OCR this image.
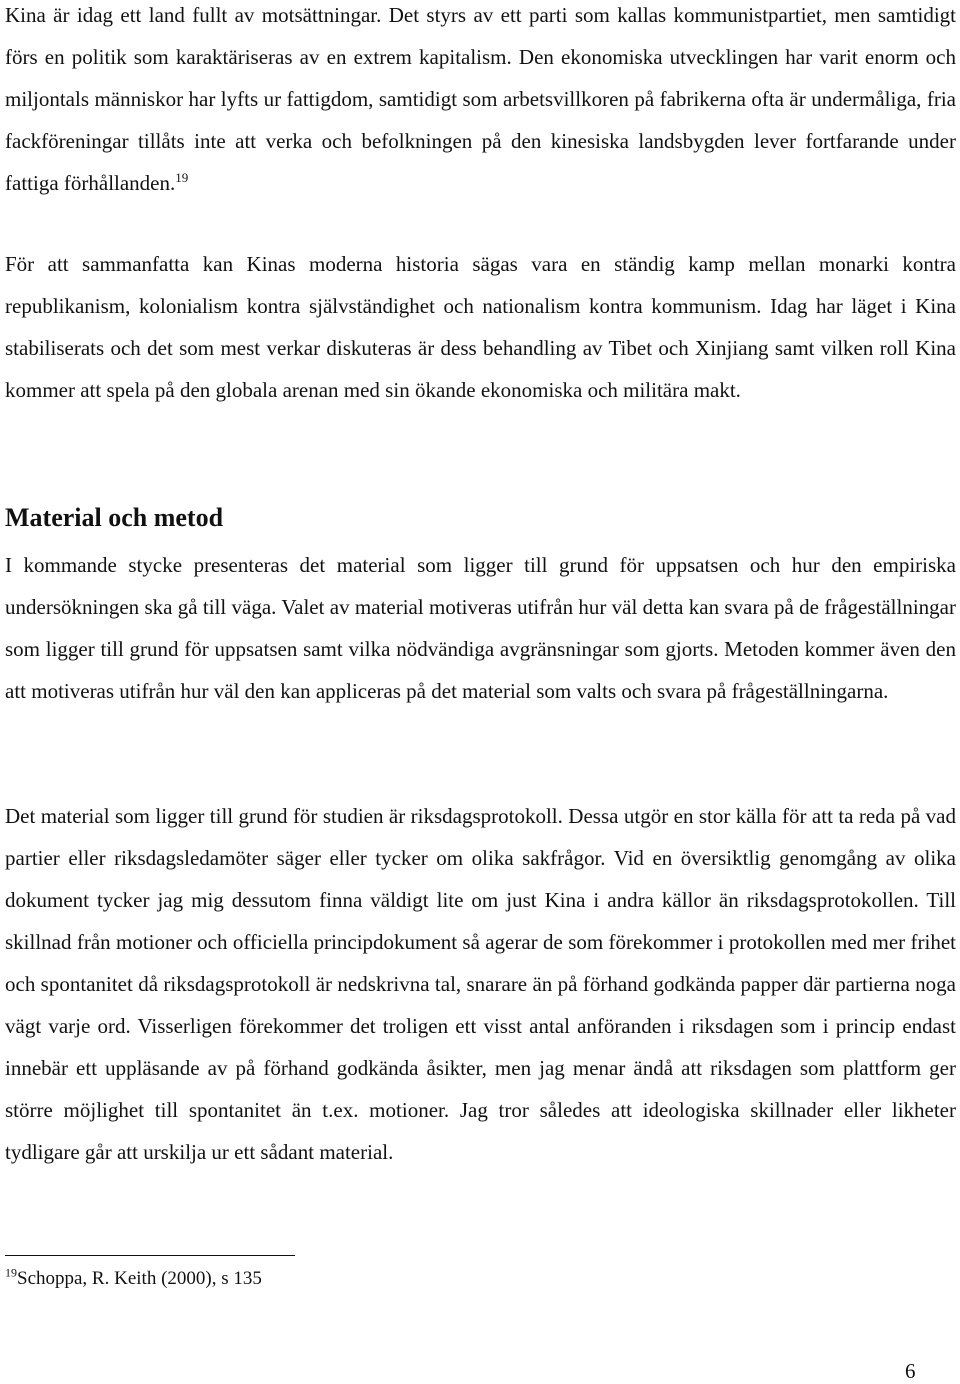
Kina är idag ett land fullt av motsättningar. Det styrs av ett parti som kallas kommunistpartiet, men samtidigt förs en politik som karaktäriseras av en extrem kapitalism. Den ekonomiska utvecklingen har varit enorm och miljontals människor har lyfts ur fattigdom, samtidigt som arbetsvillkoren på fabrikerna ofta är undermåliga, fria fackföreningar tillåts inte att verka och befolkningen på den kinesiska landsbygden lever fortfarande under fattiga förhållanden.$^{19}$

För att sammanfatta kan Kinas moderna historia sägas vara en ständig kamp mellan monarki kontra republikanism, kolonialism kontra självständighet och nationalism kontra kommunism. Idag har läget i Kina stabiliserats och det som mest verkar diskuteras är dess behandling av Tibet och Xinjiang samt vilken roll Kina kommer att spela på den globala arenan med sin ökande ekonomiska och militära makt.

Material och metod

I kommande stycke presenteras det material som ligger till grund för uppsatsen och hur den empiriska undersökningen ska gå till väga. Valet av material motiveras utifrån hur väl detta kan svara på de frågeställningar som ligger till grund för uppsatsen samt vilka nödvändiga avgränsningar som gjorts. Metoden kommer även den att motiveras utifrån hur väl den kan appliceras på det material som valts och svara på frågeställningarna.

Det material som ligger till grund för studien är riksdagsprotokoll. Dessa utgör en stor källa för att ta reda på vad partier eller riksdagsledamöter säger eller tycker om olika sakfrågor. Vid en översiktlig genomgång av olika dokument tycker jag mig dessutom finna väldigt lite om just Kina i andra källor än riksdagsprotokollen. Till skillnad från motioner och officiella principdokument så agerar de som förekommer i protokollen med mer frihet och spontanitet då riksdagsprotokoll är nedskrivna tal, snarare än på förhand godkända papper där partierna noga vägt varje ord. Visserligen förekommer det troligen ett visst antal anföranden i riksdagen som i princip endast innebär ett uppläsande av på förhand godkända åsikter, men jag menar ändå att riksdagen som plattform ger större möjlighet till spontanitet än t.ex. motioner. Jag tror således att ideologiska skillnader eller likheter tydligare går att urskilja ur ett sådant material.

$^{19}$Schoppa, R. Keith (2000), s 135
6
